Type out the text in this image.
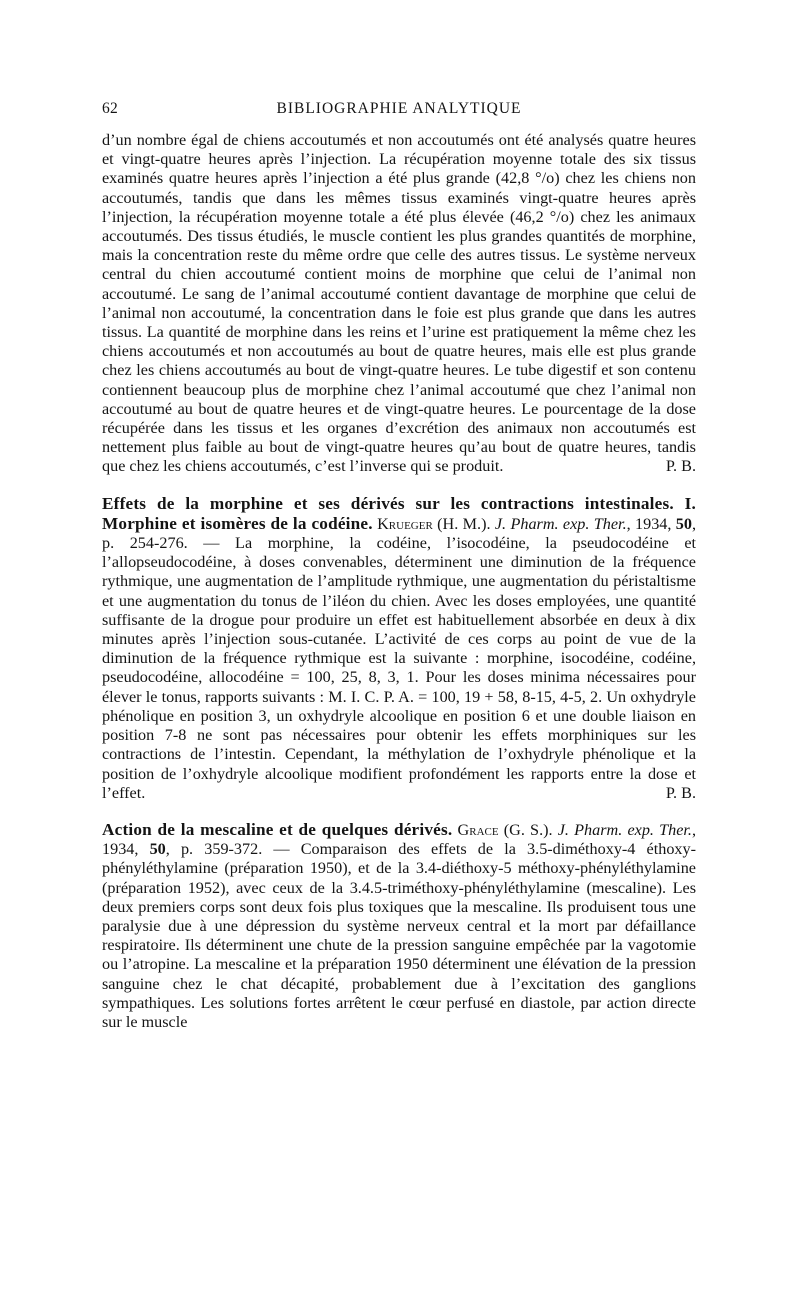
62	BIBLIOGRAPHIE ANALYTIQUE

d’un nombre égal de chiens accoutumés et non accoutumés ont été analysés quatre heures et vingt-quatre heures après l’injection. La récupération moyenne totale des six tissus examinés quatre heures après l’injection a été plus grande (42,8 °/o) chez les chiens non accoutumés, tandis que dans les mêmes tissus examinés vingt-quatre heures après l’injection, la récupération moyenne totale a été plus élevée (46,2 °/o) chez les animaux accoutumés. Des tissus étudiés, le muscle contient les plus grandes quantités de morphine, mais la concentration reste du même ordre que celle des autres tissus. Le système nerveux central du chien accoutumé contient moins de morphine que celui de l’animal non accoutumé. Le sang de l’animal accoutumé contient davantage de morphine que celui de l’animal non accoutumé, la concentration dans le foie est plus grande que dans les autres tissus. La quantité de morphine dans les reins et l’urine est pratiquement la même chez les chiens accoutumés et non accoutumés au bout de quatre heures, mais elle est plus grande chez les chiens accoutumés au bout de vingt-quatre heures. Le tube digestif et son contenu contiennent beaucoup plus de morphine chez l’animal accoutumé que chez l’animal non accoutumé au bout de quatre heures et de vingt-quatre heures. Le pourcentage de la dose récupérée dans les tissus et les organes d’excrétion des animaux non accoutumés est nettement plus faible au bout de vingt-quatre heures qu’au bout de quatre heures, tandis que chez les chiens accoutumés, c’est l’inverse qui se produit.	P. B.

Effets de la morphine et ses dérivés sur les contractions intestinales. I. Morphine et isomères de la codéine. Krueger (H. M.). J. Pharm. exp. Ther., 1934, 50, p. 254-276. — La morphine, la codéine, l’isocodéine, la pseudocodéine et l’allopseudocodéine, à doses convenables, déterminent une diminution de la fréquence rythmique, une augmentation de l’amplitude rythmique, une augmentation du péristaltisme et une augmentation du tonus de l’iléon du chien. Avec les doses employées, une quantité suffisante de la drogue pour produire un effet est habituellement absorbée en deux à dix minutes après l’injection sous-cutanée. L’activité de ces corps au point de vue de la diminution de la fréquence rythmique est la suivante : morphine, isocodéine, codéine, pseudocodéine, allocodéine = 100, 25, 8, 3, 1. Pour les doses minima nécessaires pour élever le tonus, rapports suivants : M. I. C. P. A. = 100, 19 + 58, 8-15, 4-5, 2. Un oxhydryle phénolique en position 3, un oxhydryle alcoolique en position 6 et une double liaison en position 7-8 ne sont pas nécessaires pour obtenir les effets morphiniques sur les contractions de l’intestin. Cependant, la méthylation de l’oxhydryle phénolique et la position de l’oxhydryle alcoolique modifient profondément les rapports entre la dose et l’effet.	P. B.

Action de la mescaline et de quelques dérivés. Grace (G. S.). J. Pharm. exp. Ther., 1934, 50, p. 359-372. — Comparaison des effets de la 3.5-diméthoxy-4 éthoxy-phényléthylamine (préparation 1950), et de la 3.4-diéthoxy-5 méthoxy-phényléthylamine (préparation 1952), avec ceux de la 3.4.5-triméthoxy-phényléthylamine (mescaline). Les deux premiers corps sont deux fois plus toxiques que la mescaline. Ils produisent tous une paralysie due à une dépression du système nerveux central et la mort par défaillance respiratoire. Ils déterminent une chute de la pression sanguine empêchée par la vagotomie ou l’atropine. La mescaline et la préparation 1950 déterminent une élévation de la pression sanguine chez le chat décapité, probablement due à l’excitation des ganglions sympathiques. Les solutions fortes arrêtent le cœur perfusé en diastole, par action directe sur le muscle
